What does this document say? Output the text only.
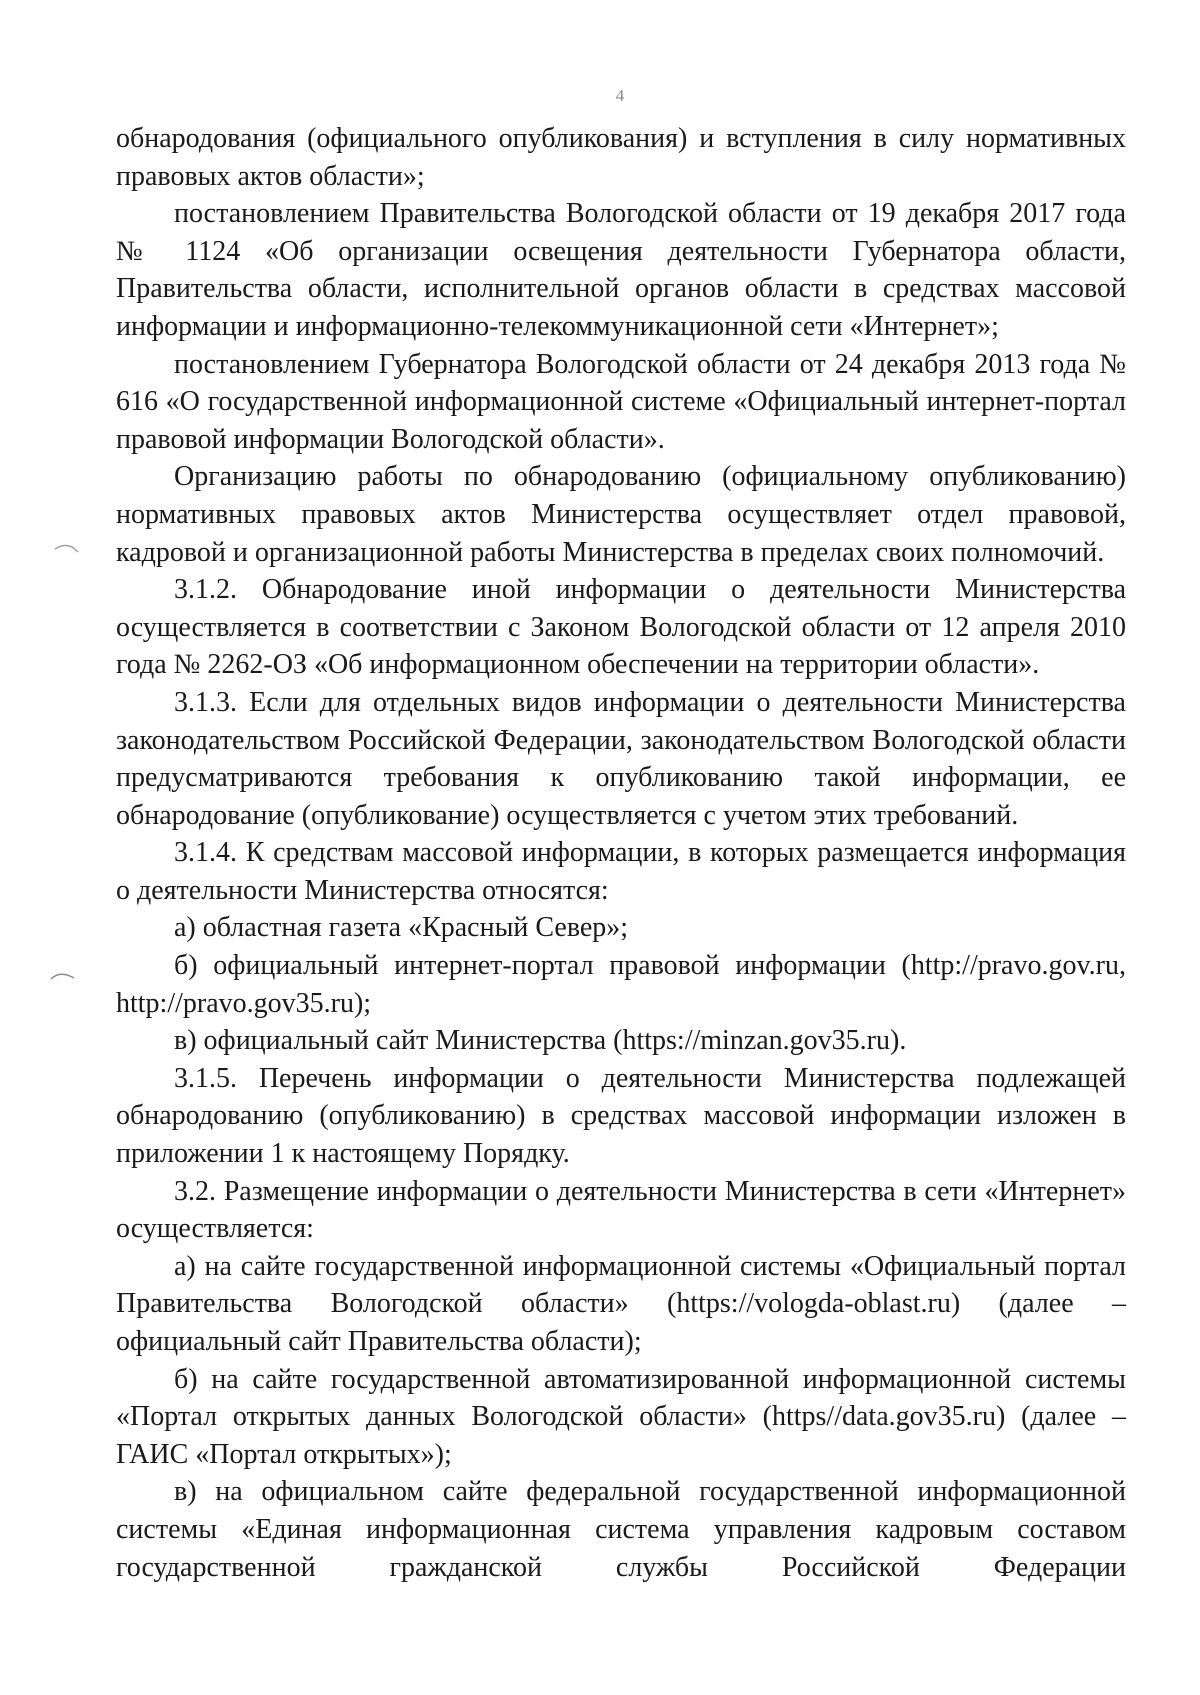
4

обнародования (официального опубликования) и вступления в силу нормативных правовых актов области»;

постановлением Правительства Вологодской области от 19 декабря 2017 года № 1124 «Об организации освещения деятельности Губернатора области, Правительства области, исполнительной органов области в средствах массовой информации и информационно-телекоммуникационной сети «Интернет»;

постановлением Губернатора Вологодской области от 24 декабря 2013 года № 616 «О государственной информационной системе «Официальный интернет-портал правовой информации Вологодской области».

Организацию работы по обнародованию (официальному опубликованию) нормативных правовых актов Министерства осуществляет отдел правовой, кадровой и организационной работы Министерства в пределах своих полномочий.

3.1.2. Обнародование иной информации о деятельности Министерства осуществляется в соответствии с Законом Вологодской области от 12 апреля 2010 года № 2262-ОЗ «Об информационном обеспечении на территории области».

3.1.3. Если для отдельных видов информации о деятельности Министерства законодательством Российской Федерации, законодательством Вологодской области предусматриваются требования к опубликованию такой информации, ее обнародование (опубликование) осуществляется с учетом этих требований.

3.1.4. К средствам массовой информации, в которых размещается информация о деятельности Министерства относятся:

а) областная газета «Красный Север»;

б) официальный интернет-портал правовой информации (http://pravo.gov.ru, http://pravo.gov35.ru);

в) официальный сайт Министерства (https://minzan.gov35.ru).

3.1.5. Перечень информации о деятельности Министерства подлежащей обнародованию (опубликованию) в средствах массовой информации изложен в приложении 1 к настоящему Порядку.

3.2. Размещение информации о деятельности Министерства в сети «Интернет» осуществляется:

а) на сайте государственной информационной системы «Официальный портал Правительства Вологодской области» (https://vologda-oblast.ru) (далее – официальный сайт Правительства области);

б) на сайте государственной автоматизированной информационной системы «Портал открытых данных Вологодской области» (https//data.gov35.ru) (далее – ГАИС «Портал открытых»);

в) на официальном сайте федеральной государственной информационной системы «Единая информационная система управления кадровым составом государственной гражданской службы Российской Федерации
